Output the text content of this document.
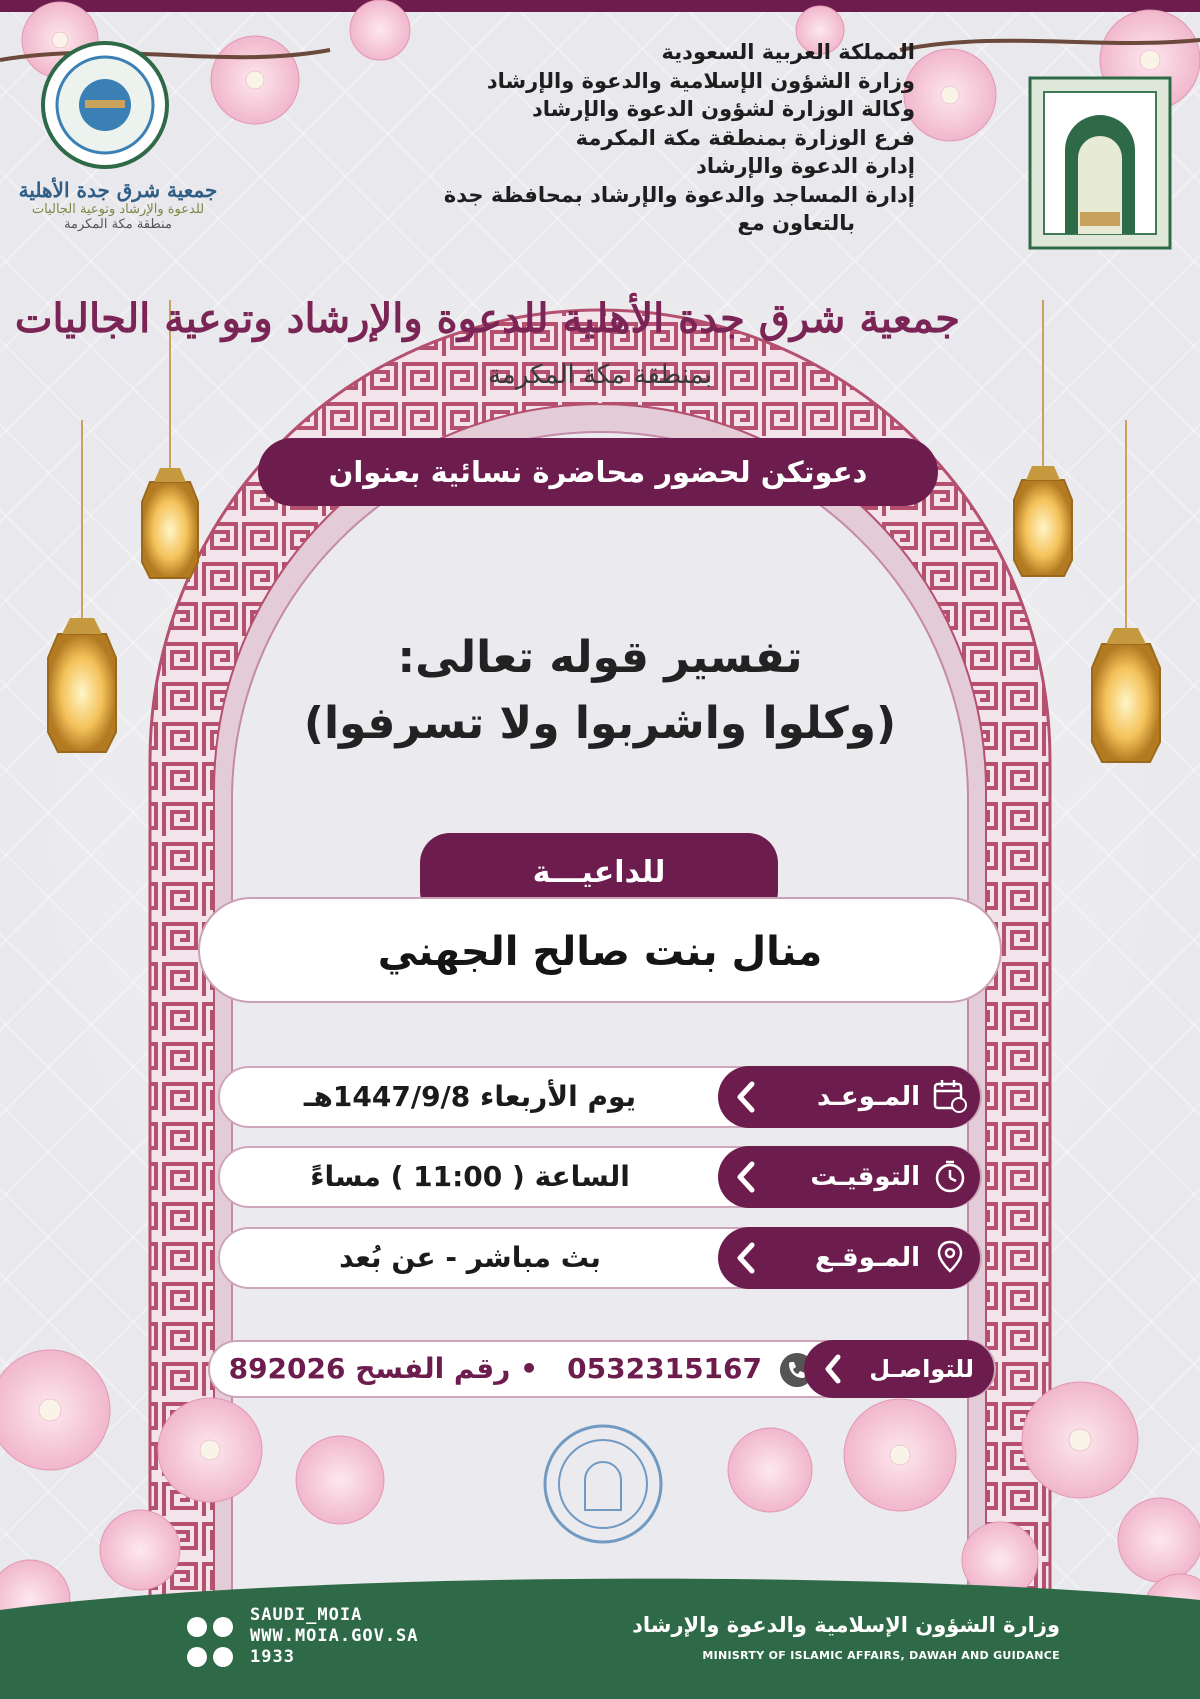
جمعية شرق جدة الأهلية
للدعوة والإرشاد وتوعية الجاليات
منطقة مكة المكرمة
المملكة العربية السعودية
وزارة الشؤون الإسلامية والدعوة والإرشاد
وكالة الوزارة لشؤون الدعوة والإرشاد
فرع الوزارة بمنطقة مكة المكرمة
إدارة الدعوة والإرشاد
إدارة المساجد والدعوة والإرشاد بمحافظة جدة
بالتعاون مع
جمعية شرق جدة الأهلية للدعوة والإرشاد وتوعية الجاليات
بمنطقة مكة المكرمة
دعوتكن لحضور محاضرة نسائية بعنوان
تفسير قوله تعالى:
(وكلوا واشربوا ولا تسرفوا)
للداعيـــة
منال بنت صالح الجهني
يوم الأربعاء 1447/9/8هـ	المـوعـد
الساعة ( 11:00 ) مساءً	التوقيـت
بث مباشر - عن بُعد	المـوقـع
• رقم الفسح 892026 0532315167	للتواصـل
وزارة الشؤون الإسلامية والدعوة والإرشاد
MINISRTY OF ISLAMIC AFFAIRS, DAWAH AND GUIDANCE
SAUDI_MOIA
WWW.MOIA.GOV.SA
1933
